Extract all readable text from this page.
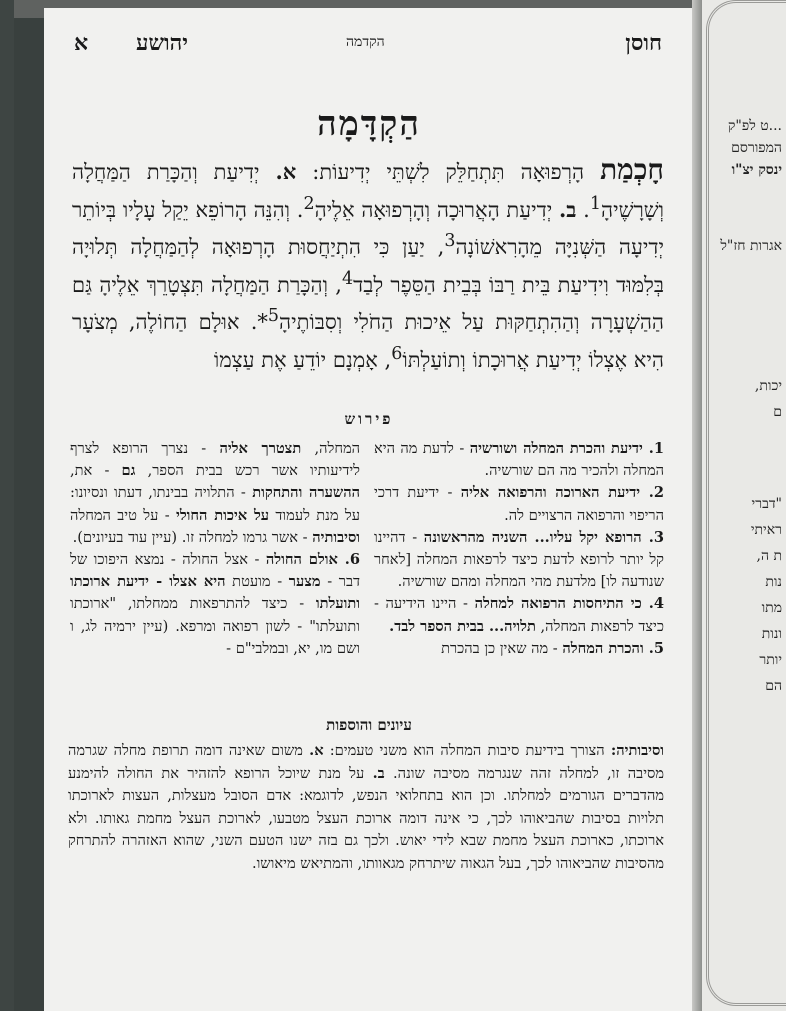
חוסן
הקדמה
יהושע
א
הַקְדָּמָה
חָכְמַת הָרְפוּאָה תִּתְחַלֵּק לִשְׁתֵּי יְדִיעוֹת: א. יְדִיעַת וְהַכָּרַת הַמַּחֲלָה וְשָׁרָשֶׁיהָ$^1$. ב. יְדִיעַת הָאֲרוּכָה וְהָרְפוּאָה אֵלֶיהָ$^2$. וְהִנֵּה הָרוֹפֵא יֵקַל עָלָיו בְּיוֹתֵר יְדִיעָה הַשְּׁנִיָּה מֵהָרִאשׁוֹנָה$^3$, יַעַן כִּי הִתְיַחֲסוּת הָרְפוּאָה לְהַמַּחֲלָה תְּלוּיָה בְּלִמּוּד וִידִיעַת בֵּית רַבּוֹ בְּבֵית הַסֵּפֶר לְבַד$^4$, וְהַכָּרַת הַמַּחֲלָה תִּצְטָרֵךְ אֵלֶיהָ גַּם הַהַשְׁעָרָה וְהַהִתְחַקּוּת עַל אֵיכוּת הַחֹלִי וְסִבּוֹתֶיהָ$^5$*. אוּלָם הַחוֹלֶה, מְצֹעָר הִיא אֶצְלוֹ יְדִיעַת אֲרוּכָתוֹ וְתוֹעַלְתּוֹ$^6$, אָמְנָם יוֹדֵעַ אֶת עַצְמוֹ
פירוש
1. ידיעת והכרת המחלה ושורשיה - לדעת מה היא המחלה ולהכיר מה הם שורשיה.
2. ידיעת הארוכה והרפואה אליה - ידיעת דרכי הריפוי והרפואה הרצויים לה.
3. הרופא יקל עליו... השניה מהראשונה - דהיינו קל יותר לרופא לדעת כיצד לרפאות המחלה [לאחר שנודעה לו] מלדעת מהי המחלה ומהם שורשיה.
4. כי התיחסות הרפואה למחלה - היינו הידיעה - כיצד לרפאות המחלה, תלויה... בבית הספר לבד.
5. והכרת המחלה - מה שאין כן בהכרת
המחלה, תצטרך אליה - נצרך הרופא לצרף לידיעותיו אשר רכש בבית הספר, גם - את, ההשערה והתחקות - התלויה בבינתו, דעתו ונסיונו: על מנת לעמוד על איכות החולי - על טיב המחלה וסיבותיה - אשר גרמו למחלה זו. (עיין עוד בעיונים).
6. אולם החולה - אצל החולה - נמצא היפוכו של דבר - מצער - מועטת היא אצלו - ידיעת ארוכתו ותועלתו - כיצד להתרפאות ממחלתו, "ארוכתו ותועלתו" - לשון רפואה ומרפא. (עיין ירמיה לג, ו ושם מו, יא, ובמלבי"ם -
עיונים והוספות
וסיבותיה: הצורך בידיעת סיבות המחלה הוא משני טעמים: א. משום שאינה דומה תרופת מחלה שגרמה מסיבה זו, למחלה זהה שנגרמה מסיבה שונה. ב. על מנת שיוכל הרופא להזהיר את החולה להימנע מהדברים הגורמים למחלתו. וכן הוא בתחלואי הנפש, לדוגמא: אדם הסובל מעצלות, העצות לארוכתו תלויות בסיבות שהביאוהו לכך, כי אינה דומה ארוכת העצל מטבעו, לארוכת העצל מחמת גאותו. ולא ארוכתו, כארוכת העצל מחמת שבא לידי יאוש. ולכך גם בזה ישנו הטעם השני, שהוא האזהרה להתרחק מהסיבות שהביאוהו לכך, בעל הגאוה שיתרחק מגאוותו, והמתיאש מיאושו.
...ט לפ"ק
המפורסם
ינסק יצ"ו
אגרות חז"ל
יכות,
ם
"דברי
ראיתי
ת ה,
נות
מתו
ונות
יותר
הם
